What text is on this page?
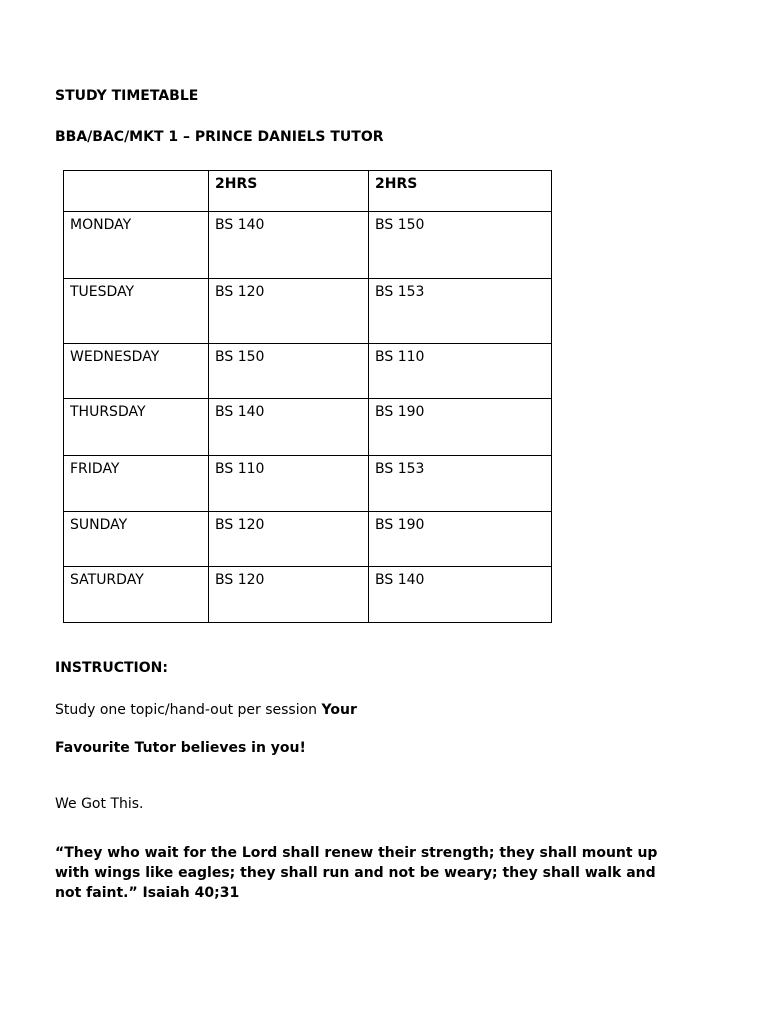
STUDY TIMETABLE

BBA/BAC/MKT 1 – PRINCE DANIELS TUTOR

	2HRS	2HRS
MONDAY	BS 140	BS 150
TUESDAY	BS 120	BS 153
WEDNESDAY	BS 150	BS 110
THURSDAY	BS 140	BS 190
FRIDAY	BS 110	BS 153
SUNDAY	BS 120	BS 190
SATURDAY	BS 120	BS 140

INSTRUCTION:

Study one topic/hand-out per session Your

Favourite Tutor believes in you!

We Got This.

“They who wait for the Lord shall renew their strength; they shall mount up
with wings like eagles; they shall run and not be weary; they shall walk and
not faint.” Isaiah 40;31
